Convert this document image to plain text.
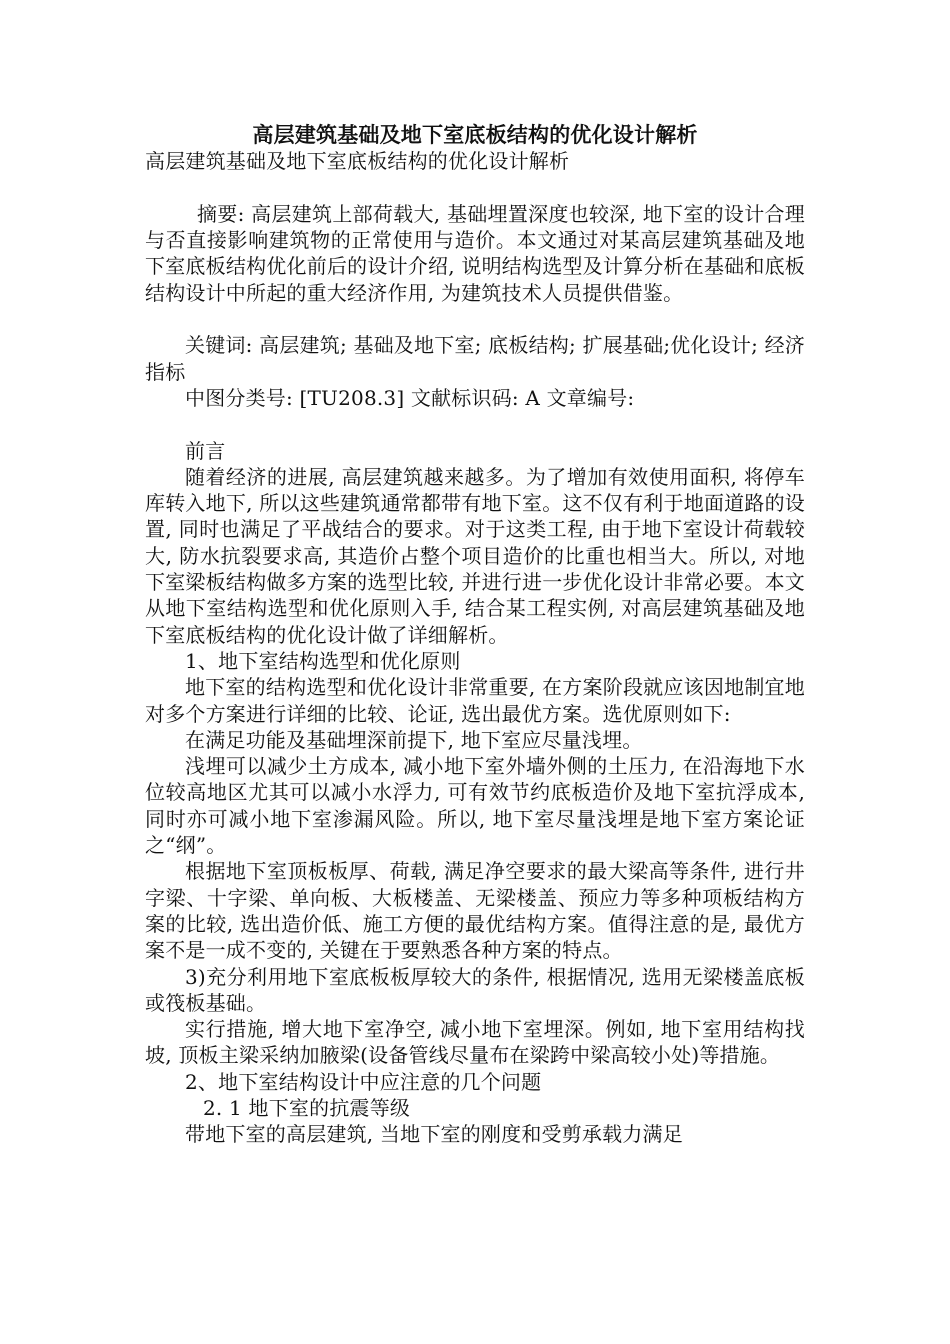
高层建筑基础及地下室底板结构的优化设计解析

高层建筑基础及地下室底板结构的优化设计解析

摘要: 高层建筑上部荷载大, 基础埋置深度也较深, 地下室的设计合理与否直接影响建筑物的正常使用与造价。本文通过对某高层建筑基础及地下室底板结构优化前后的设计介绍, 说明结构选型及计算分析在基础和底板结构设计中所起的重大经济作用, 为建筑技术人员提供借鉴。

关键词: 高层建筑; 基础及地下室; 底板结构; 扩展基础;优化设计; 经济指标

中图分类号: [TU208.3] 文献标识码: A 文章编号:

前言

随着经济的进展, 高层建筑越来越多。为了增加有效使用面积, 将停车库转入地下, 所以这些建筑通常都带有地下室。这不仅有利于地面道路的设置, 同时也满足了平战结合的要求。对于这类工程, 由于地下室设计荷载较大, 防水抗裂要求高, 其造价占整个项目造价的比重也相当大。所以, 对地下室梁板结构做多方案的选型比较, 并进行进一步优化设计非常必要。本文从地下室结构选型和优化原则入手, 结合某工程实例, 对高层建筑基础及地下室底板结构的优化设计做了详细解析。

1、地下室结构选型和优化原则

地下室的结构选型和优化设计非常重要, 在方案阶段就应该因地制宜地对多个方案进行详细的比较、论证, 选出最优方案。选优原则如下:

在满足功能及基础埋深前提下, 地下室应尽量浅埋。

浅埋可以减少土方成本, 减小地下室外墙外侧的土压力, 在沿海地下水位较高地区尤其可以减小水浮力, 可有效节约底板造价及地下室抗浮成本, 同时亦可减小地下室渗漏风险。所以, 地下室尽量浅埋是地下室方案论证之“纲”。

根据地下室顶板板厚、荷载, 满足净空要求的最大梁高等条件, 进行井字梁、十字梁、单向板、大板楼盖、无梁楼盖、预应力等多种项板结构方案的比较, 选出造价低、施工方便的最优结构方案。值得注意的是, 最优方案不是一成不变的, 关键在于要熟悉各种方案的特点。

3)充分利用地下室底板板厚较大的条件, 根据情况, 选用无梁楼盖底板或筏板基础。

实行措施, 增大地下室净空, 减小地下室埋深。例如, 地下室用结构找坡, 顶板主梁采纳加腋梁(设备管线尽量布在梁跨中梁高较小处)等措施。

2、地下室结构设计中应注意的几个问题

2. 1 地下室的抗震等级

带地下室的高层建筑, 当地下室的刚度和受剪承载力满足
